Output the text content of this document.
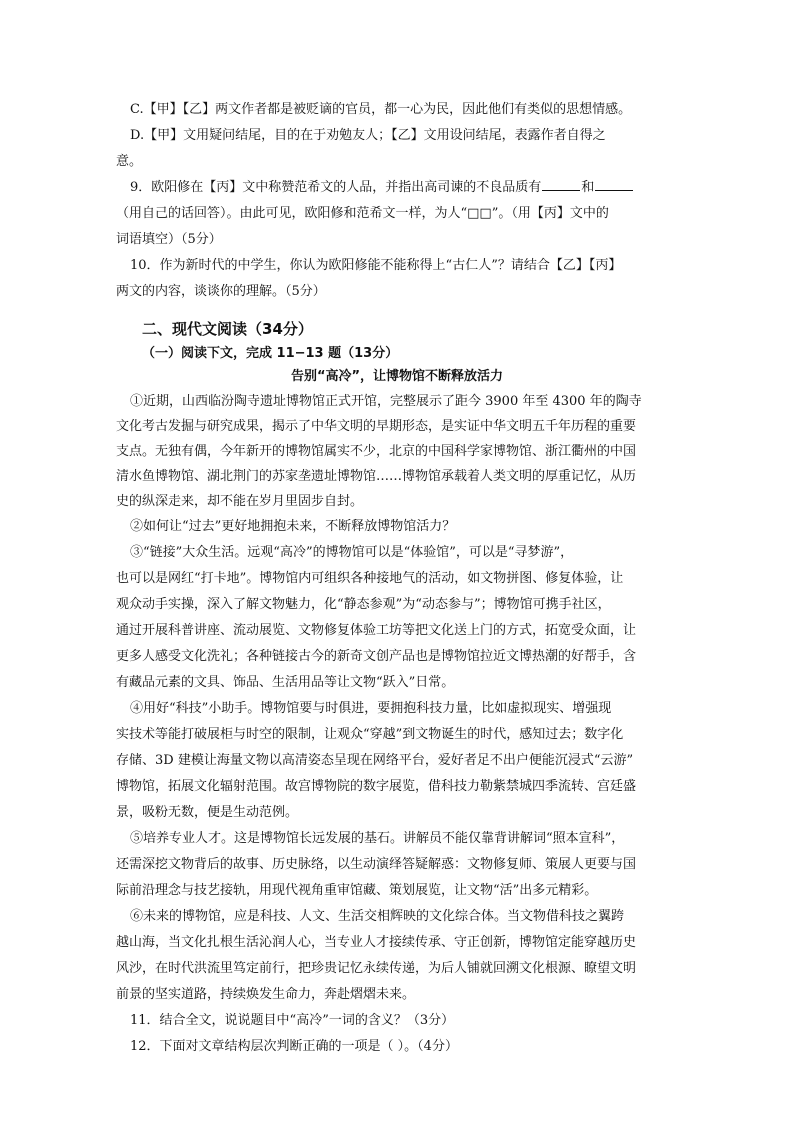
C.【甲】【乙】两文作者都是被贬谪的官员，都一心为民，因此他们有类似的思想情感。
D.【甲】文用疑问结尾，目的在于劝勉友人；【乙】文用设问结尾，表露作者自得之
意。
9．欧阳修在【丙】文中称赞范希文的人品，并指出高司谏的不良品质有	和
（用自己的话回答）。由此可见，欧阳修和范希文一样，为人“□□”。（用【丙】文中的
词语填空）（5分）
10．作为新时代的中学生，你认为欧阳修能不能称得上“古仁人”？请结合【乙】【丙】
两文的内容，谈谈你的理解。（5分）
二、现代文阅读（34分）
（一）阅读下文，完成 11−13 题（13分）
告别“高冷”，让博物馆不断释放活力
①近期，山西临汾陶寺遗址博物馆正式开馆，完整展示了距今 3900 年至 4300 年的陶寺
文化考古发掘与研究成果，揭示了中华文明的早期形态，是实证中华文明五千年历程的重要
支点。无独有偶，今年新开的博物馆属实不少，北京的中国科学家博物馆、浙江衢州的中国
清水鱼博物馆、湖北荆门的苏家垄遗址博物馆……博物馆承载着人类文明的厚重记忆，从历
史的纵深走来，却不能在岁月里固步自封。
②如何让“过去”更好地拥抱未来，不断释放博物馆活力？
③“链接”大众生活。远观“高冷”的博物馆可以是“体验馆”，可以是“寻梦游”，
也可以是网红“打卡地”。博物馆内可组织各种接地气的活动，如文物拼图、修复体验，让
观众动手实操，深入了解文物魅力，化“静态参观”为“动态参与”；博物馆可携手社区，
通过开展科普讲座、流动展览、文物修复体验工坊等把文化送上门的方式，拓宽受众面，让
更多人感受文化洗礼；各种链接古今的新奇文创产品也是博物馆拉近文博热潮的好帮手，含
有藏品元素的文具、饰品、生活用品等让文物“跃入”日常。
④用好“科技”小助手。博物馆要与时俱进，要拥抱科技力量，比如虚拟现实、增强现
实技术等能打破展柜与时空的限制，让观众“穿越”到文物诞生的时代，感知过去；数字化
存储、3D 建模让海量文物以高清姿态呈现在网络平台，爱好者足不出户便能沉浸式“云游”
博物馆，拓展文化辐射范围。故宫博物院的数字展览，借科技力勒紫禁城四季流转、宫廷盛
景，吸粉无数，便是生动范例。
⑤培养专业人才。这是博物馆长远发展的基石。讲解员不能仅靠背讲解词“照本宣科”，
还需深挖文物背后的故事、历史脉络，以生动演绎答疑解惑：文物修复师、策展人更要与国
际前沿理念与技艺接轨，用现代视角重审馆藏、策划展览，让文物“活”出多元精彩。
⑥未来的博物馆，应是科技、人文、生活交相辉映的文化综合体。当文物借科技之翼跨
越山海，当文化扎根生活沁润人心，当专业人才接续传承、守正创新，博物馆定能穿越历史
风沙，在时代洪流里笃定前行，把珍贵记忆永续传递，为后人铺就回溯文化根源、瞭望文明
前景的坚实道路，持续焕发生命力，奔赴熠熠未来。
11．结合全文，说说题目中“高冷”一词的含义？（3分）
12．下面对文章结构层次判断正确的一项是（ ）。（4分）
